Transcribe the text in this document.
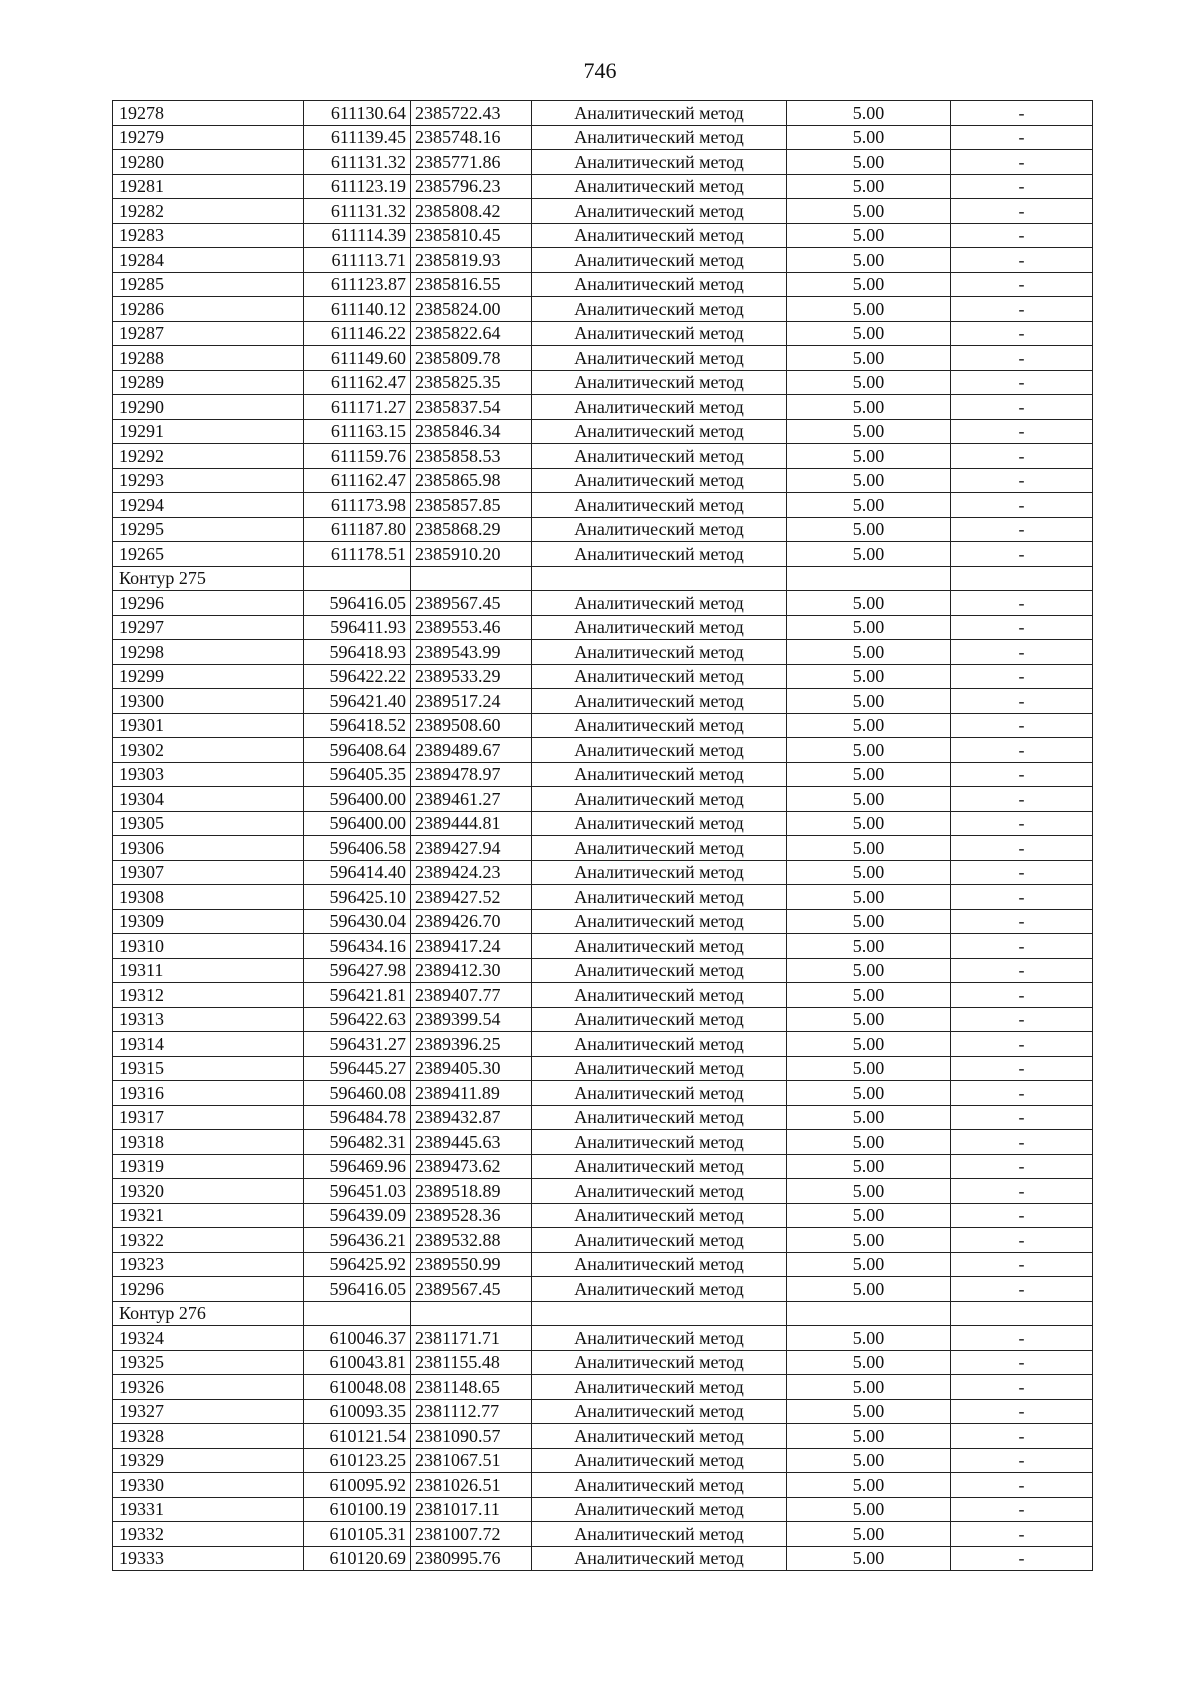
746
19278	611130.64	2385722.43	Аналитический метод	5.00	-
19279	611139.45	2385748.16	Аналитический метод	5.00	-
19280	611131.32	2385771.86	Аналитический метод	5.00	-
19281	611123.19	2385796.23	Аналитический метод	5.00	-
19282	611131.32	2385808.42	Аналитический метод	5.00	-
19283	611114.39	2385810.45	Аналитический метод	5.00	-
19284	611113.71	2385819.93	Аналитический метод	5.00	-
19285	611123.87	2385816.55	Аналитический метод	5.00	-
19286	611140.12	2385824.00	Аналитический метод	5.00	-
19287	611146.22	2385822.64	Аналитический метод	5.00	-
19288	611149.60	2385809.78	Аналитический метод	5.00	-
19289	611162.47	2385825.35	Аналитический метод	5.00	-
19290	611171.27	2385837.54	Аналитический метод	5.00	-
19291	611163.15	2385846.34	Аналитический метод	5.00	-
19292	611159.76	2385858.53	Аналитический метод	5.00	-
19293	611162.47	2385865.98	Аналитический метод	5.00	-
19294	611173.98	2385857.85	Аналитический метод	5.00	-
19295	611187.80	2385868.29	Аналитический метод	5.00	-
19265	611178.51	2385910.20	Аналитический метод	5.00	-
Контур 275					
19296	596416.05	2389567.45	Аналитический метод	5.00	-
19297	596411.93	2389553.46	Аналитический метод	5.00	-
19298	596418.93	2389543.99	Аналитический метод	5.00	-
19299	596422.22	2389533.29	Аналитический метод	5.00	-
19300	596421.40	2389517.24	Аналитический метод	5.00	-
19301	596418.52	2389508.60	Аналитический метод	5.00	-
19302	596408.64	2389489.67	Аналитический метод	5.00	-
19303	596405.35	2389478.97	Аналитический метод	5.00	-
19304	596400.00	2389461.27	Аналитический метод	5.00	-
19305	596400.00	2389444.81	Аналитический метод	5.00	-
19306	596406.58	2389427.94	Аналитический метод	5.00	-
19307	596414.40	2389424.23	Аналитический метод	5.00	-
19308	596425.10	2389427.52	Аналитический метод	5.00	-
19309	596430.04	2389426.70	Аналитический метод	5.00	-
19310	596434.16	2389417.24	Аналитический метод	5.00	-
19311	596427.98	2389412.30	Аналитический метод	5.00	-
19312	596421.81	2389407.77	Аналитический метод	5.00	-
19313	596422.63	2389399.54	Аналитический метод	5.00	-
19314	596431.27	2389396.25	Аналитический метод	5.00	-
19315	596445.27	2389405.30	Аналитический метод	5.00	-
19316	596460.08	2389411.89	Аналитический метод	5.00	-
19317	596484.78	2389432.87	Аналитический метод	5.00	-
19318	596482.31	2389445.63	Аналитический метод	5.00	-
19319	596469.96	2389473.62	Аналитический метод	5.00	-
19320	596451.03	2389518.89	Аналитический метод	5.00	-
19321	596439.09	2389528.36	Аналитический метод	5.00	-
19322	596436.21	2389532.88	Аналитический метод	5.00	-
19323	596425.92	2389550.99	Аналитический метод	5.00	-
19296	596416.05	2389567.45	Аналитический метод	5.00	-
Контур 276					
19324	610046.37	2381171.71	Аналитический метод	5.00	-
19325	610043.81	2381155.48	Аналитический метод	5.00	-
19326	610048.08	2381148.65	Аналитический метод	5.00	-
19327	610093.35	2381112.77	Аналитический метод	5.00	-
19328	610121.54	2381090.57	Аналитический метод	5.00	-
19329	610123.25	2381067.51	Аналитический метод	5.00	-
19330	610095.92	2381026.51	Аналитический метод	5.00	-
19331	610100.19	2381017.11	Аналитический метод	5.00	-
19332	610105.31	2381007.72	Аналитический метод	5.00	-
19333	610120.69	2380995.76	Аналитический метод	5.00	-
